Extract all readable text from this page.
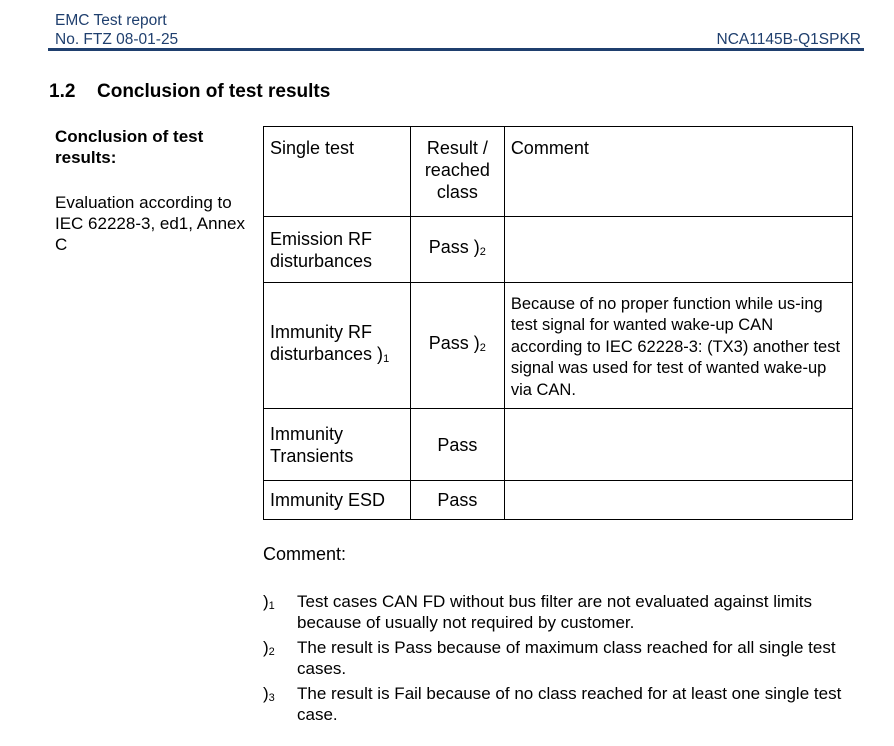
EMC Test report
No. FTZ 08-01-25	NCA1145B-Q1SPKR
1.2 Conclusion of test results
Conclusion of test results:
Evaluation according to IEC 62228-3, ed1, Annex C
Single test	Result / reached class	Comment
Emission RF disturbances	Pass )$_2$	
Immunity RF disturbances )$_1$	Pass )$_2$	Because of no proper function while us-ing test signal for wanted wake-up CAN according to IEC 62228-3: (TX3) another test signal was used for test of wanted wake-up via CAN.
Immunity Transients	Pass	
Immunity ESD	Pass	
Comment:
)$_1$	Test cases CAN FD without bus filter are not evaluated against limits because of usually not required by customer.
)$_2$	The result is Pass because of maximum class reached for all single test cases.
)$_3$	The result is Fail because of no class reached for at least one single test case.
